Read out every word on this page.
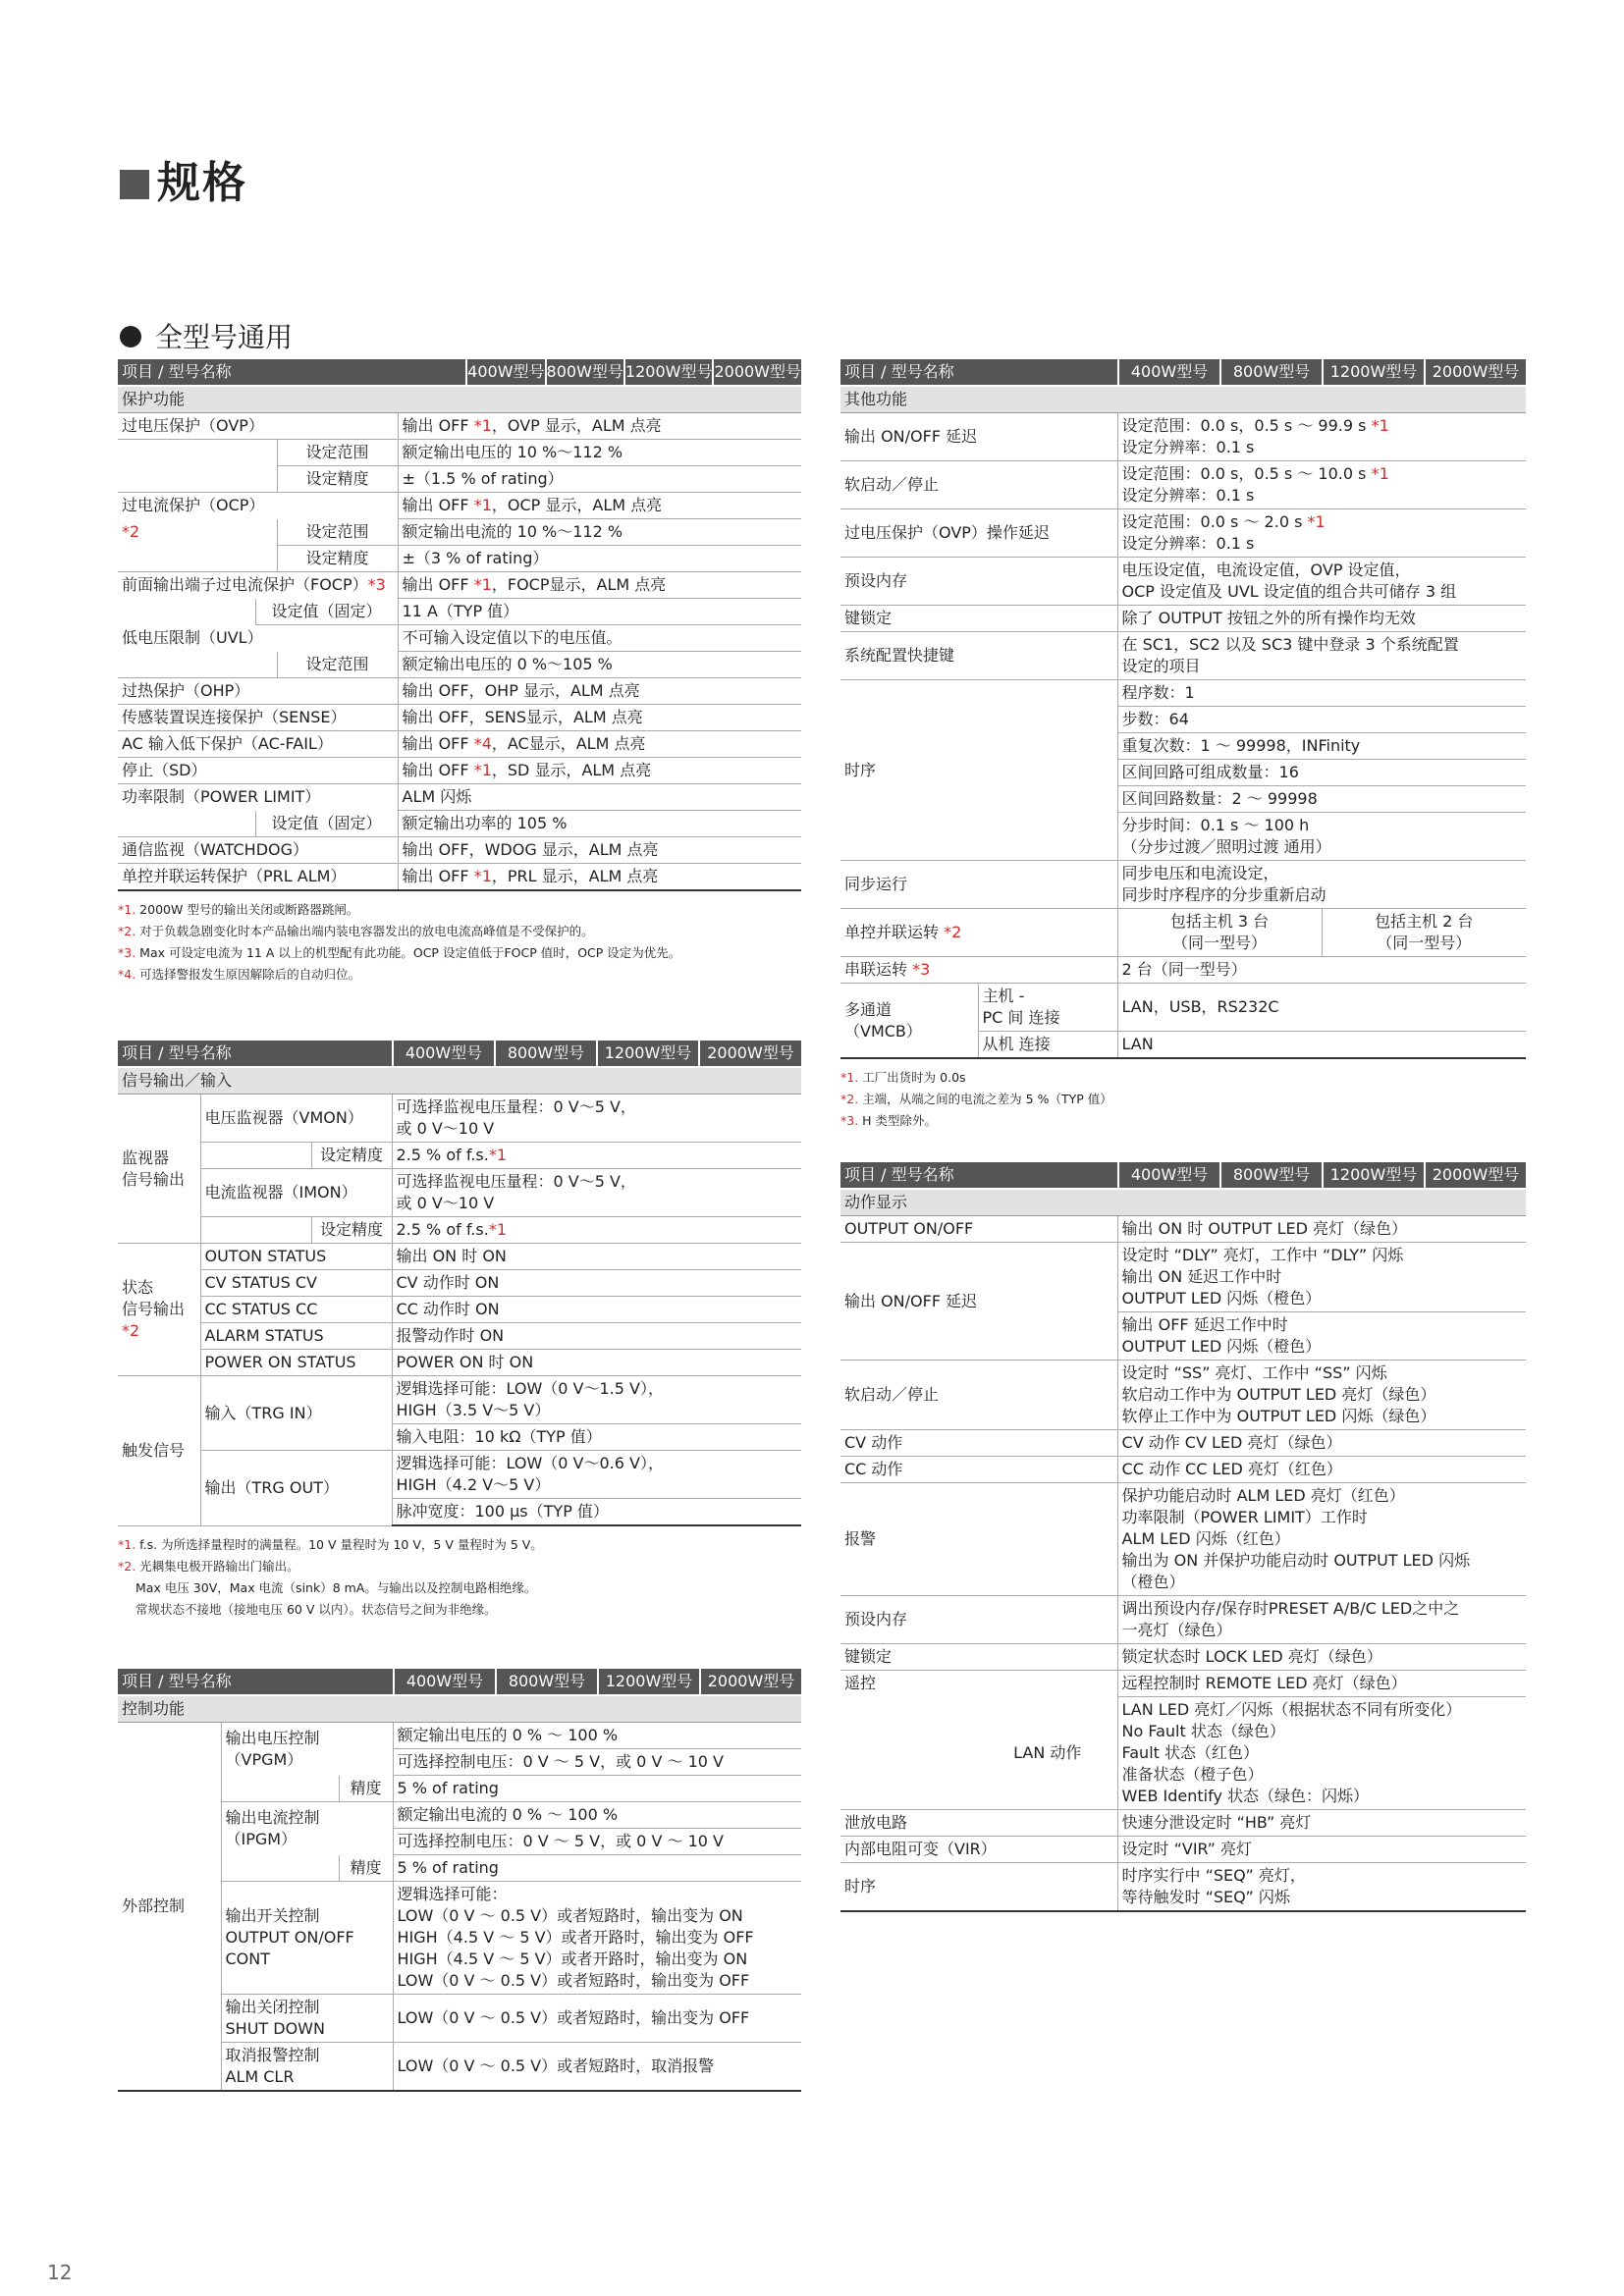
规格
全型号通用
项目 / 型号名称			400W型号 800W型号 1200W型号 2000W型号

保护功能			
过电压保护（OVP）			输出 OFF *1，OVP 显示，ALM 点亮
		设定范围	额定输出电压的 10 %～112 %
		设定精度	±（1.5 % of rating）
过电流保护（OCP）			输出 OFF *1，OCP 显示，ALM 点亮
*2		设定范围	额定输出电流的 10 %～112 %
		设定精度	±（3 % of rating）
前面输出端子过电流保护（FOCP）*3			输出 OFF *1，FOCP显示，ALM 点亮
	设定值（固定）		11 A（TYP 值）
低电压限制（UVL）			不可输入设定值以下的电压值。
		设定范围	额定输出电压的 0 %～105 %
过热保护（OHP）			输出 OFF，OHP 显示，ALM 点亮
传感装置误连接保护（SENSE）			输出 OFF，SENS显示，ALM 点亮
AC 输入低下保护（AC-FAIL）			输出 OFF *4，AC显示，ALM 点亮
停止（SD）			输出 OFF *1，SD 显示，ALM 点亮
功率限制（POWER LIMIT）			ALM 闪烁
	设定值（固定）		额定输出功率的 105 %
通信监视（WATCHDOG）			输出 OFF，WDOG 显示，ALM 点亮
单控并联运转保护（PRL ALM）			输出 OFF *1，PRL 显示，ALM 点亮
*1. 2000W 型号的输出关闭或断路器跳闸。
*2. 对于负载急剧变化时本产品输出端内装电容器发出的放电电流高峰值是不受保护的。
*3. Max 可设定电流为 11 A 以上的机型配有此功能。OCP 设定值低于FOCP 值时，OCP 设定为优先。
*4. 可选择警报发生原因解除后的自动归位。
项目 / 型号名称			400W型号 800W型号 1200W型号 2000W型号

信号输出／输入			
监视器
信号输出	电压监视器（VMON）		可选择监视电压量程：0 V～5 V，
或 0 V～10 V
		设定精度	2.5 % of f.s.*1
	电流监视器（IMON）		可选择监视电压量程：0 V～5 V，
或 0 V～10 V
		设定精度	2.5 % of f.s.*1
状态
信号输出
*2	OUTON STATUS		输出 ON 时 ON
	CV STATUS CV		CV 动作时 ON
	CC STATUS CC		CC 动作时 ON
	ALARM STATUS		报警动作时 ON
	POWER ON STATUS		POWER ON 时 ON
触发信号	输入（TRG IN）		逻辑选择可能：LOW（0 V～1.5 V），
HIGH（3.5 V～5 V）
			输入电阻：10 kΩ（TYP 值）
	输出（TRG OUT）		逻辑选择可能：LOW（0 V～0.6 V），
HIGH（4.2 V～5 V）
			脉冲宽度：100 μs（TYP 值）
*1. f.s. 为所选择量程时的满量程。10 V 量程时为 10 V，5 V 量程时为 5 V。
*2. 光耦集电极开路输出门输出。
Max 电压 30V，Max 电流（sink）8 mA。与输出以及控制电路相绝缘。
常规状态不接地（接地电压 60 V 以内）。状态信号之间为非绝缘。
项目 / 型号名称			400W型号 800W型号 1200W型号 2000W型号

控制功能			
外部控制	输出电压控制
（VPGM）		额定输出电压的 0 % ～ 100 %
			可选择控制电压：0 V ～ 5 V，或 0 V ～ 10 V
		精度	5 % of rating
	输出电流控制
（IPGM）		额定输出电流的 0 % ～ 100 %
			可选择控制电压：0 V ～ 5 V，或 0 V ～ 10 V
		精度	5 % of rating
	输出开关控制
OUTPUT ON/OFF
CONT		逻辑选择可能：
LOW（0 V ～ 0.5 V）或者短路时，输出变为 ON
HIGH（4.5 V ～ 5 V）或者开路时，输出变为 OFF
HIGH（4.5 V ～ 5 V）或者开路时，输出变为 ON
LOW（0 V ～ 0.5 V）或者短路时，输出变为 OFF
	输出关闭控制
SHUT DOWN		LOW（0 V ～ 0.5 V）或者短路时，输出变为 OFF
	取消报警控制
ALM CLR		LOW（0 V ～ 0.5 V）或者短路时，取消报警
项目 / 型号名称		400W型号 800W型号 1200W型号 2000W型号	

其他功能			
输出 ON/OFF 延迟		设定范围：0.0 s，0.5 s ～ 99.9 s *1
设定分辨率：0.1 s	
软启动／停止		设定范围：0.0 s，0.5 s ～ 10.0 s *1
设定分辨率：0.1 s	
过电压保护（OVP）操作延迟		设定范围：0.0 s ～ 2.0 s *1
设定分辨率：0.1 s	
预设内存		电压设定值，电流设定值，OVP 设定值，
OCP 设定值及 UVL 设定值的组合共可储存 3 组	
键锁定		除了 OUTPUT 按钮之外的所有操作均无效	
系统配置快捷键		在 SC1，SC2 以及 SC3 键中登录 3 个系统配置
设定的项目	
时序		程序数：1	
		步数：64	
		重复次数：1 ～ 99998，INFinity	
		区间回路可组成数量：16	
		区间回路数量：2 ～ 99998	
		分步时间：0.1 s ～ 100 h
（分步过渡／照明过渡 通用）	
同步运行		同步电压和电流设定，
同步时序程序的分步重新启动	
单控并联运转 *2		包括主机 3 台
（同一型号）	包括主机 2 台
（同一型号）
串联运转 *3		2 台（同一型号）	
多通道
（VMCB）	主机 -
PC 间 连接	LAN，USB，RS232C	
	从机 连接	LAN	
*1. 工厂出货时为 0.0s
*2. 主端，从端之间的电流之差为 5 %（TYP 值）
*3. H 类型除外。
项目 / 型号名称		400W型号 800W型号 1200W型号 2000W型号

动作显示		
OUTPUT ON/OFF		输出 ON 时 OUTPUT LED 亮灯（绿色）
输出 ON/OFF 延迟		设定时 “DLY” 亮灯，工作中 “DLY” 闪烁
输出 ON 延迟工作中时
OUTPUT LED 闪烁（橙色）
		输出 OFF 延迟工作中时
OUTPUT LED 闪烁（橙色）
软启动／停止		设定时 “SS” 亮灯、工作中 “SS” 闪烁
软启动工作中为 OUTPUT LED 亮灯（绿色）
软停止工作中为 OUTPUT LED 闪烁（绿色）
CV 动作		CV 动作 CV LED 亮灯（绿色）
CC 动作		CC 动作 CC LED 亮灯（红色）
报警		保护功能启动时 ALM LED 亮灯（红色）
功率限制（POWER LIMIT）工作时
ALM LED 闪烁（红色）
输出为 ON 并保护功能启动时 OUTPUT LED 闪烁
（橙色）
预设内存		调出预设内存/保存时PRESET A/B/C LED之中之
一亮灯（绿色）
键锁定		锁定状态时 LOCK LED 亮灯（绿色）
遥控		远程控制时 REMOTE LED 亮灯（绿色）
	LAN 动作	LAN LED 亮灯／闪烁（根据状态不同有所变化）
No Fault 状态（绿色）
Fault 状态（红色）
准备状态（橙子色）
WEB Identify 状态（绿色：闪烁）
泄放电路		快速分泄设定时 “HB” 亮灯
内部电阻可变（VIR）		设定时 “VIR” 亮灯
时序		时序实行中 “SEQ” 亮灯，
等待触发时 “SEQ” 闪烁
12
